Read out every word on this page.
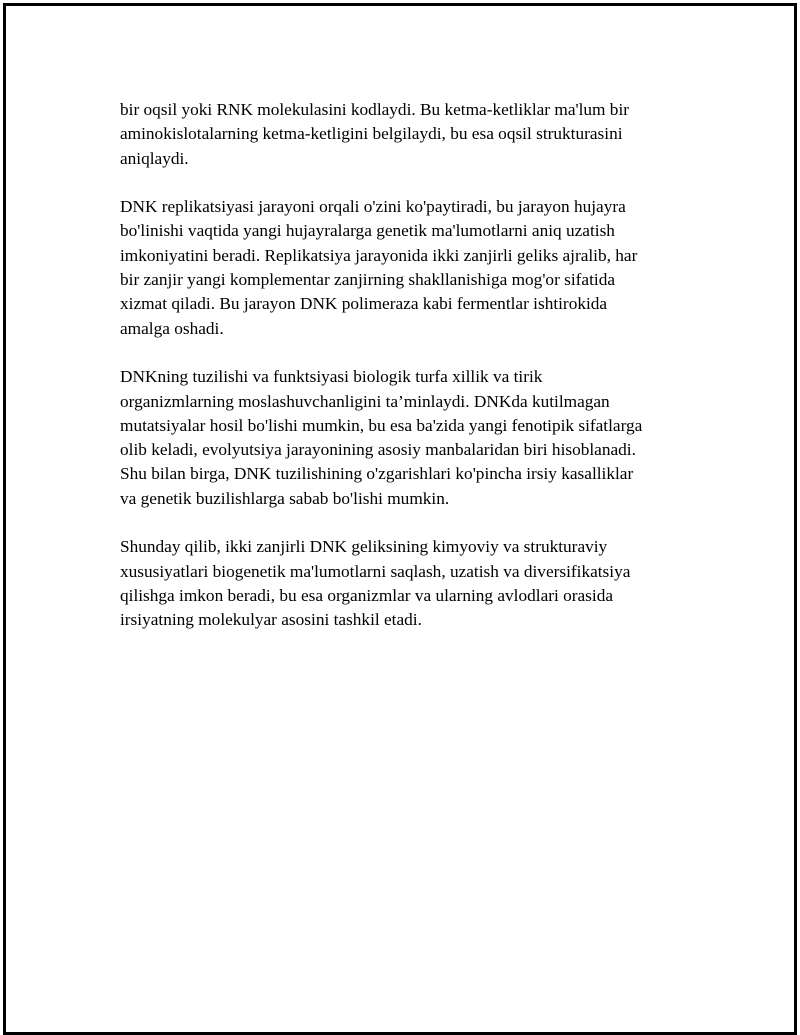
bir oqsil yoki RNK molekulasini kodlaydi. Bu ketma-ketliklar ma'lum bir
aminokislotalarning ketma-ketligini belgilaydi, bu esa oqsil strukturasini
aniqlaydi.

DNK replikatsiyasi jarayoni orqali o'zini ko'paytiradi, bu jarayon hujayra
bo'linishi vaqtida yangi hujayralarga genetik ma'lumotlarni aniq uzatish
imkoniyatini beradi. Replikatsiya jarayonida ikki zanjirli geliks ajralib, har
bir zanjir yangi komplementar zanjirning shakllanishiga mog'or sifatida
xizmat qiladi. Bu jarayon DNK polimeraza kabi fermentlar ishtirokida
amalga oshadi.

DNKning tuzilishi va funktsiyasi biologik turfa xillik va tirik
organizmlarning moslashuvchanligini ta’minlaydi. DNKda kutilmagan
mutatsiyalar hosil bo'lishi mumkin, bu esa ba'zida yangi fenotipik sifatlarga
olib keladi, evolyutsiya jarayonining asosiy manbalaridan biri hisoblanadi.
Shu bilan birga, DNK tuzilishining o'zgarishlari ko'pincha irsiy kasalliklar
va genetik buzilishlarga sabab bo'lishi mumkin.

Shunday qilib, ikki zanjirli DNK geliksining kimyoviy va strukturaviy
xususiyatlari biogenetik ma'lumotlarni saqlash, uzatish va diversifikatsiya
qilishga imkon beradi, bu esa organizmlar va ularning avlodlari orasida
irsiyatning molekulyar asosini tashkil etadi.
